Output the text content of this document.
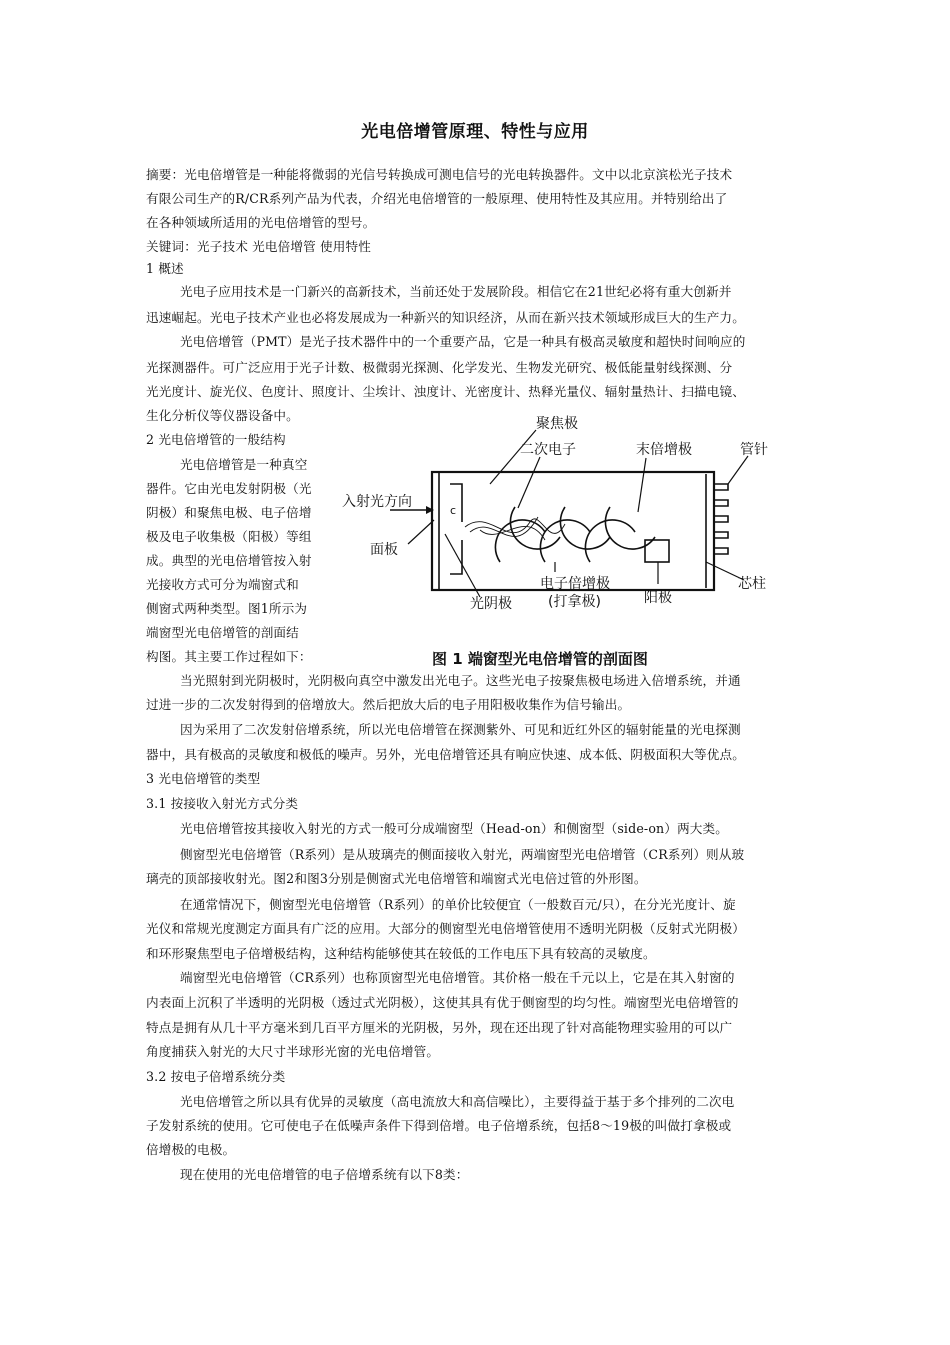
光电倍增管原理、特性与应用
摘要：光电倍增管是一种能将微弱的光信号转换成可测电信号的光电转换器件。文中以北京滨松光子技术
有限公司生产的R/CR系列产品为代表，介绍光电倍增管的一般原理、使用特性及其应用。并特别给出了
在各种领域所适用的光电倍增管的型号。
关键词：光子技术 光电倍增管 使用特性
1 概述
光电子应用技术是一门新兴的高新技术，当前还处于发展阶段。相信它在21世纪必将有重大创新并
迅速崛起。光电子技术产业也必将发展成为一种新兴的知识经济，从而在新兴技术领域形成巨大的生产力。
光电倍增管（PMT）是光子技术器件中的一个重要产品，它是一种具有极高灵敏度和超快时间响应的
光探测器件。可广泛应用于光子计数、极微弱光探测、化学发光、生物发光研究、极低能量射线探测、分
光光度计、旋光仪、色度计、照度计、尘埃计、浊度计、光密度计、热释光量仪、辐射量热计、扫描电镜、
生化分析仪等仪器设备中。
2 光电倍增管的一般结构
光电倍增管是一种真空
器件。它由光电发射阴极（光
阴极）和聚焦电极、电子倍增
极及电子收集极（阳极）等组
成。典型的光电倍增管按入射
光接收方式可分为端窗式和
侧窗式两种类型。图1所示为
端窗型光电倍增管的剖面结
构图。其主要工作过程如下：
当光照射到光阴极时，光阴极向真空中激发出光电子。这些光电子按聚焦极电场进入倍增系统，并通
过进一步的二次发射得到的倍增放大。然后把放大后的电子用阳极收集作为信号输出。
因为采用了二次发射倍增系统，所以光电倍增管在探测紫外、可见和近红外区的辐射能量的光电探测
器中，具有极高的灵敏度和极低的噪声。另外，光电倍增管还具有响应快速、成本低、阴极面积大等优点。
3 光电倍增管的类型
3.1 按接收入射光方式分类
光电倍增管按其接收入射光的方式一般可分成端窗型（Head-on）和侧窗型（side-on）两大类。
侧窗型光电倍增管（R系列）是从玻璃壳的侧面接收入射光，两端窗型光电倍增管（CR系列）则从玻
璃壳的顶部接收射光。图2和图3分别是侧窗式光电倍增管和端窗式光电倍过管的外形图。
在通常情况下，侧窗型光电倍增管（R系列）的单价比较便宜（一般数百元/只），在分光光度计、旋
光仪和常规光度测定方面具有广泛的应用。大部分的侧窗型光电倍增管使用不透明光阴极（反射式光阴极）
和环形聚焦型电子倍增极结构，这种结构能够使其在较低的工作电压下具有较高的灵敏度。
端窗型光电倍增管（CR系列）也称顶窗型光电倍增管。其价格一般在千元以上，它是在其入射窗的
内表面上沉积了半透明的光阴极（透过式光阴极），这使其具有优于侧窗型的均匀性。端窗型光电倍增管的
特点是拥有从几十平方毫米到几百平方厘米的光阴极，另外，现在还出现了针对高能物理实验用的可以广
角度捕获入射光的大尺寸半球形光窗的光电倍增管。
3.2 按电子倍增系统分类
光电倍增管之所以具有优异的灵敏度（高电流放大和高信噪比），主要得益于基于多个排列的二次电
子发射系统的使用。它可使电子在低噪声条件下得到倍增。电子倍增系统，包括8～19极的叫做打拿极或
倍增极的电极。
现在使用的光电倍增管的电子倍增系统有以下8类：
聚焦极
二次电子	末倍增极	管针
入射光方向
c
面板
电子倍增极
(打拿极)
光阴极	阳极
芯柱
图 1 端窗型光电倍增管的剖面图
